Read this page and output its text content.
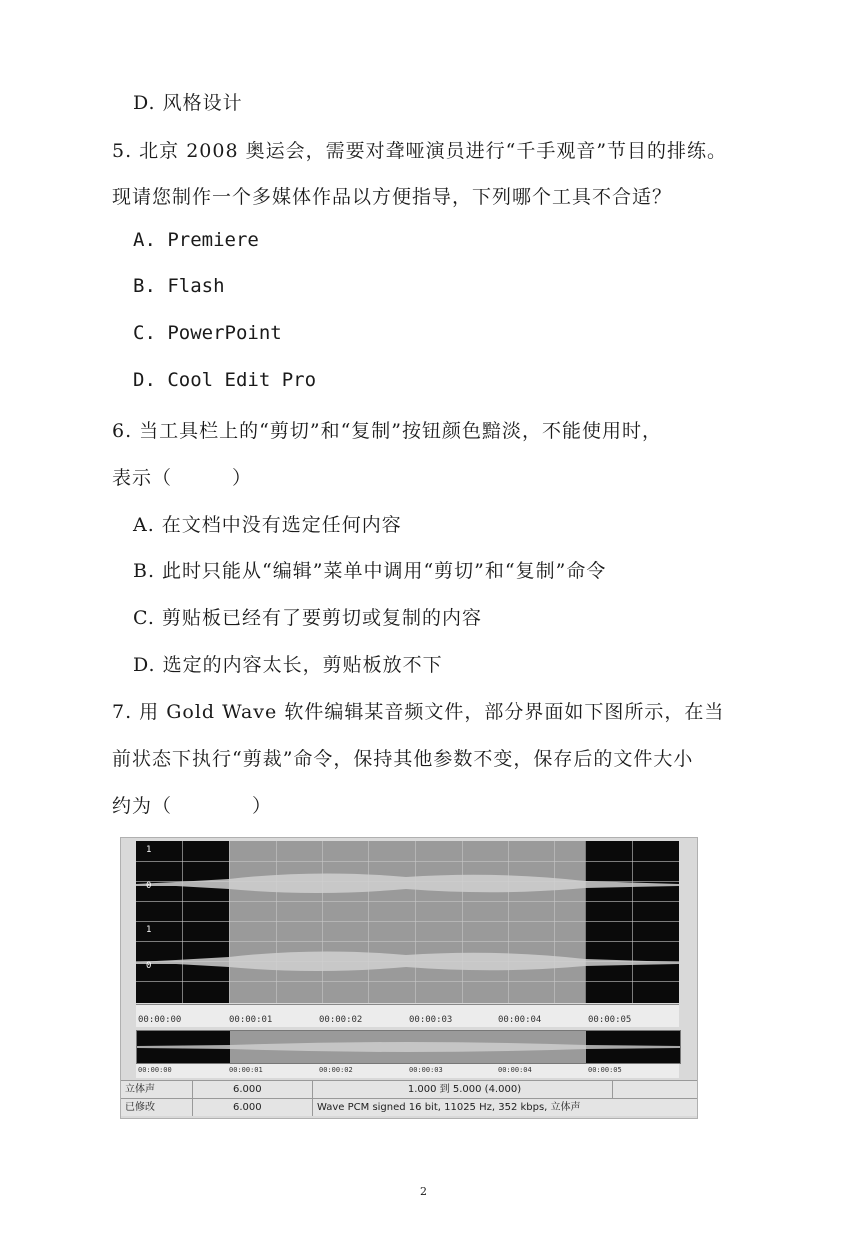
D. 风格设计
5. 北京 2008 奥运会，需要对聋哑演员进行“千手观音”节目的排练。
现请您制作一个多媒体作品以方便指导，下列哪个工具不合适？
A. Premiere
B. Flash
C. PowerPoint
D. Cool Edit Pro
6. 当工具栏上的“剪切”和“复制”按钮颜色黯淡，不能使用时，
表示（　　　）
A. 在文档中没有选定任何内容
B. 此时只能从“编辑”菜单中调用“剪切”和“复制”命令
C. 剪贴板已经有了要剪切或复制的内容
D. 选定的内容太长，剪贴板放不下
7. 用 Gold Wave 软件编辑某音频文件，部分界面如下图所示，在当
前状态下执行“剪裁”命令，保持其他参数不变，保存后的文件大小
约为（　　　　）
1
0
1
0
00:00:00	00:00:01	00:00:02	00:00:03	00:00:04	00:00:05
00:00:00	00:00:01	00:00:02	00:00:03	00:00:04	00:00:05
立体声	6.000	1.000 到 5.000 (4.000)
已修改	6.000	Wave PCM signed 16 bit, 11025 Hz, 352 kbps, 立体声
2
